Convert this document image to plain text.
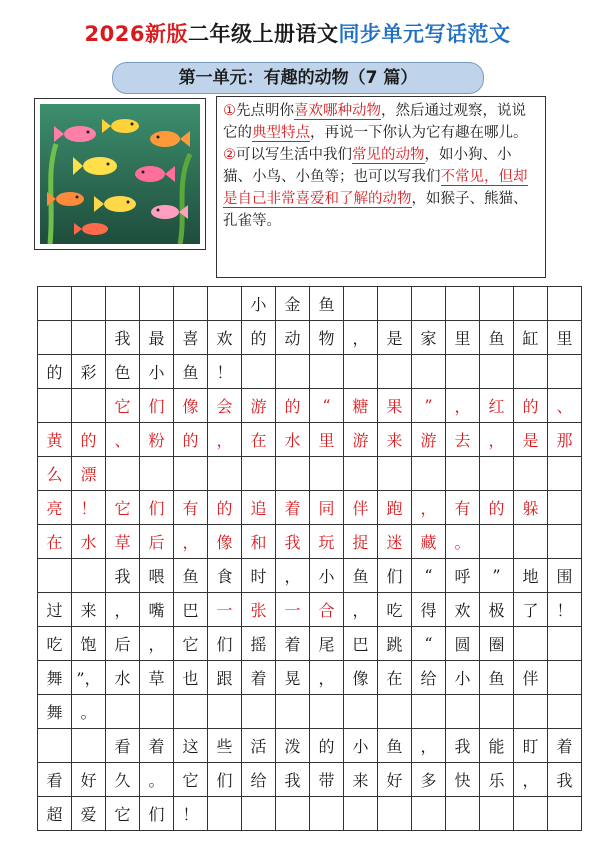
2026新版二年级上册语文同步单元写话范文
第一单元：有趣的动物（7 篇）
①先点明你喜欢哪种动物，然后通过观察，说说它的典型特点，再说一下你认为它有趣在哪儿。
②可以写生活中我们常见的动物，如小狗、小猫、小鸟、小鱼等；也可以写我们不常见，但却是自己非常喜爱和了解的动物，如猴子、熊猫、孔雀等。
						小	金	鱼							
		我	最	喜	欢	的	动	物	，	是	家	里	鱼	缸	里
的	彩	色	小	鱼	！										
		它	们	像	会	游	的	“	糖	果	”	，	红	的	、
黄	的	、	粉	的	，	在	水	里	游	来	游	去	，	是	那
么	漂														
亮	！	它	们	有	的	追	着	同	伴	跑	，	有	的	躲	
在	水	草	后	，	像	和	我	玩	捉	迷	藏	。			
		我	喂	鱼	食	时	，	小	鱼	们	“	呼	”	地	围
过	来	，	嘴	巴	一	张	一	合	，	吃	得	欢	极	了	！
吃	饱	后	，	它	们	摇	着	尾	巴	跳	“	圆	圈		
舞	”，	水	草	也	跟	着	晃	，	像	在	给	小	鱼	伴	
舞	。														
		看	着	这	些	活	泼	的	小	鱼	，	我	能	盯	着
看	好	久	。	它	们	给	我	带	来	好	多	快	乐	，	我
超	爱	它	们	！											
